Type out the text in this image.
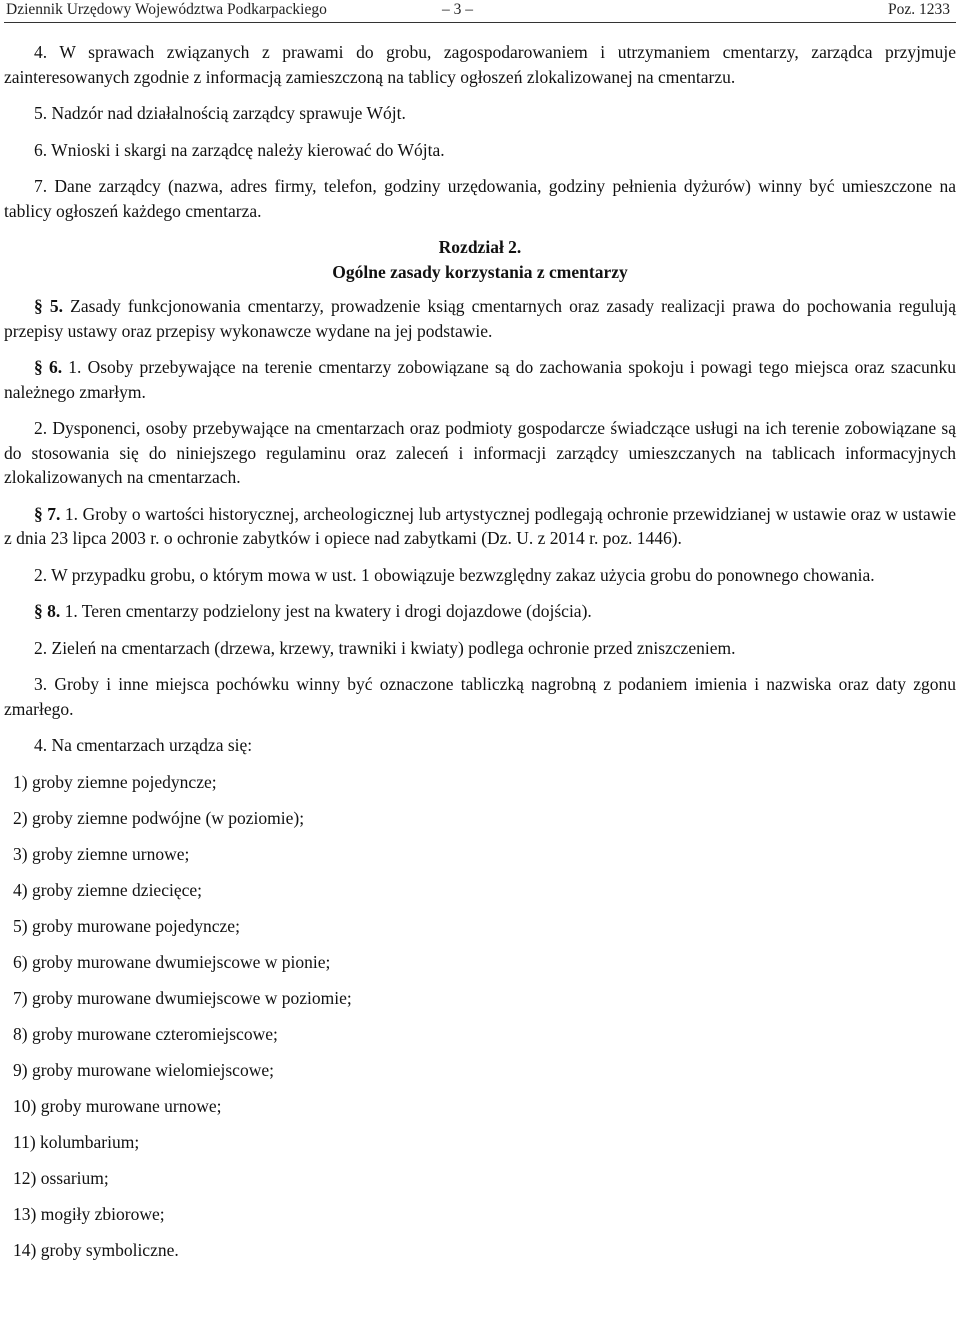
Dziennik Urzędowy Województwa Podkarpackiego	– 3 –	Poz. 1233

4. W sprawach związanych z prawami do grobu, zagospodarowaniem i utrzymaniem cmentarzy, zarządca przyjmuje zainteresowanych zgodnie z informacją zamieszczoną na tablicy ogłoszeń zlokalizowanej na cmentarzu.

5. Nadzór nad działalnością zarządcy sprawuje Wójt.

6. Wnioski i skargi na zarządcę należy kierować do Wójta.

7. Dane zarządcy (nazwa, adres firmy, telefon, godziny urzędowania, godziny pełnienia dyżurów) winny być umieszczone na tablicy ogłoszeń każdego cmentarza.

Rozdział 2.

Ogólne zasady korzystania z cmentarzy

§ 5. Zasady funkcjonowania cmentarzy, prowadzenie ksiąg cmentarnych oraz zasady realizacji prawa do pochowania regulują przepisy ustawy oraz przepisy wykonawcze wydane na jej podstawie.

§ 6. 1. Osoby przebywające na terenie cmentarzy zobowiązane są do zachowania spokoju i powagi tego miejsca oraz szacunku należnego zmarłym.

2. Dysponenci, osoby przebywające na cmentarzach oraz podmioty gospodarcze świadczące usługi na ich terenie zobowiązane są do stosowania się do niniejszego regulaminu oraz zaleceń i informacji zarządcy umieszczanych na tablicach informacyjnych zlokalizowanych na cmentarzach.

§ 7. 1. Groby o wartości historycznej, archeologicznej lub artystycznej podlegają ochronie przewidzianej w ustawie oraz w ustawie z dnia 23 lipca 2003 r. o ochronie zabytków i opiece nad zabytkami (Dz. U. z 2014 r. poz. 1446).

2. W przypadku grobu, o którym mowa w ust. 1 obowiązuje bezwzględny zakaz użycia grobu do ponownego chowania.

§ 8. 1. Teren cmentarzy podzielony jest na kwatery i drogi dojazdowe (dojścia).

2. Zieleń na cmentarzach (drzewa, krzewy, trawniki i kwiaty) podlega ochronie przed zniszczeniem.

3. Groby i inne miejsca pochówku winny być oznaczone tabliczką nagrobną z podaniem imienia i nazwiska oraz daty zgonu zmarłego.

4. Na cmentarzach urządza się:

1) groby ziemne pojedyncze;

2) groby ziemne podwójne (w poziomie);

3) groby ziemne urnowe;

4) groby ziemne dziecięce;

5) groby murowane pojedyncze;

6) groby murowane dwumiejscowe w pionie;

7) groby murowane dwumiejscowe w poziomie;

8) groby murowane czteromiejscowe;

9) groby murowane wielomiejscowe;

10) groby murowane urnowe;

11) kolumbarium;

12) ossarium;

13) mogiły zbiorowe;

14) groby symboliczne.
